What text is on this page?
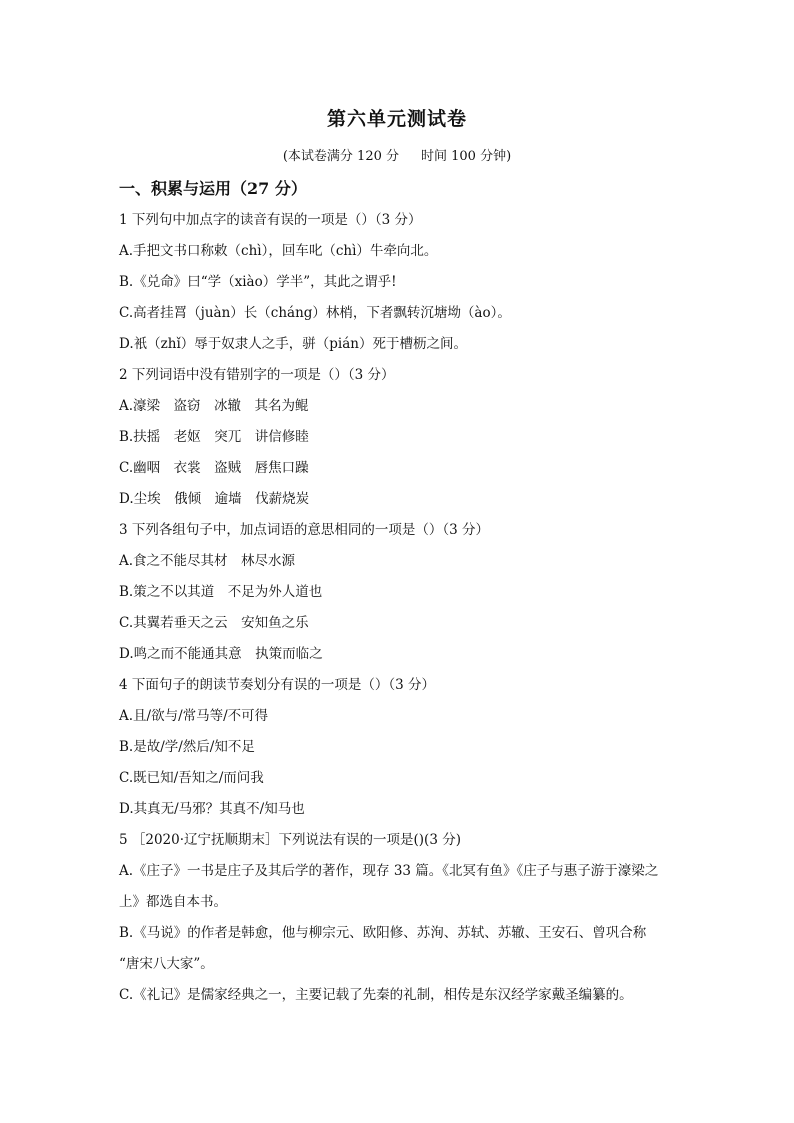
第六单元测试卷
(本试卷满分 120 分 时间 100 分钟)
一、积累与运用（27 分）
1 下列句中加点字的读音有误的一项是（）（3 分）
A.手把文书口称敕（chì），回车叱（chì）牛牵向北。
B.《兑命》曰“学（xiào）学半”，其此之谓乎!
C.高者挂罥（juàn）长（cháng）林梢，下者飘转沉塘坳（ào）。
D.衹（zhǐ）辱于奴隶人之手，骈（pián）死于槽枥之间。
2 下列词语中没有错别字的一项是（）（3 分）
A.濠梁　盗窃　冰辙　其名为鲲
B.扶摇　老妪　突兀　讲信修睦
C.幽咽　衣裳　盗贼　唇焦口躁
D.尘埃　俄倾　逾墙　伐薪烧炭
3 下列各组句子中，加点词语的意思相同的一项是（）（3 分）
A.食之不能尽其材　林尽水源
B.策之不以其道　不足为外人道也
C.其翼若垂天之云　安知鱼之乐
D.鸣之而不能通其意　执策而临之
4 下面句子的朗读节奏划分有误的一项是（）（3 分）
A.且/欲与/常马等/不可得
B.是故/学/然后/知不足
C.既已知/吾知之/而问我
D.其真无/马邪？其真不/知马也
5 ［2020·辽宁抚顺期末］下列说法有误的一项是()(3 分)
A.《庄子》一书是庄子及其后学的著作，现存 33 篇。《北冥有鱼》《庄子与惠子游于濠梁之
上》都选自本书。
B.《马说》的作者是韩愈，他与柳宗元、欧阳修、苏洵、苏轼、苏辙、王安石、曾巩合称
“唐宋八大家”。
C.《礼记》是儒家经典之一，主要记载了先秦的礼制，相传是东汉经学家戴圣编纂的。
